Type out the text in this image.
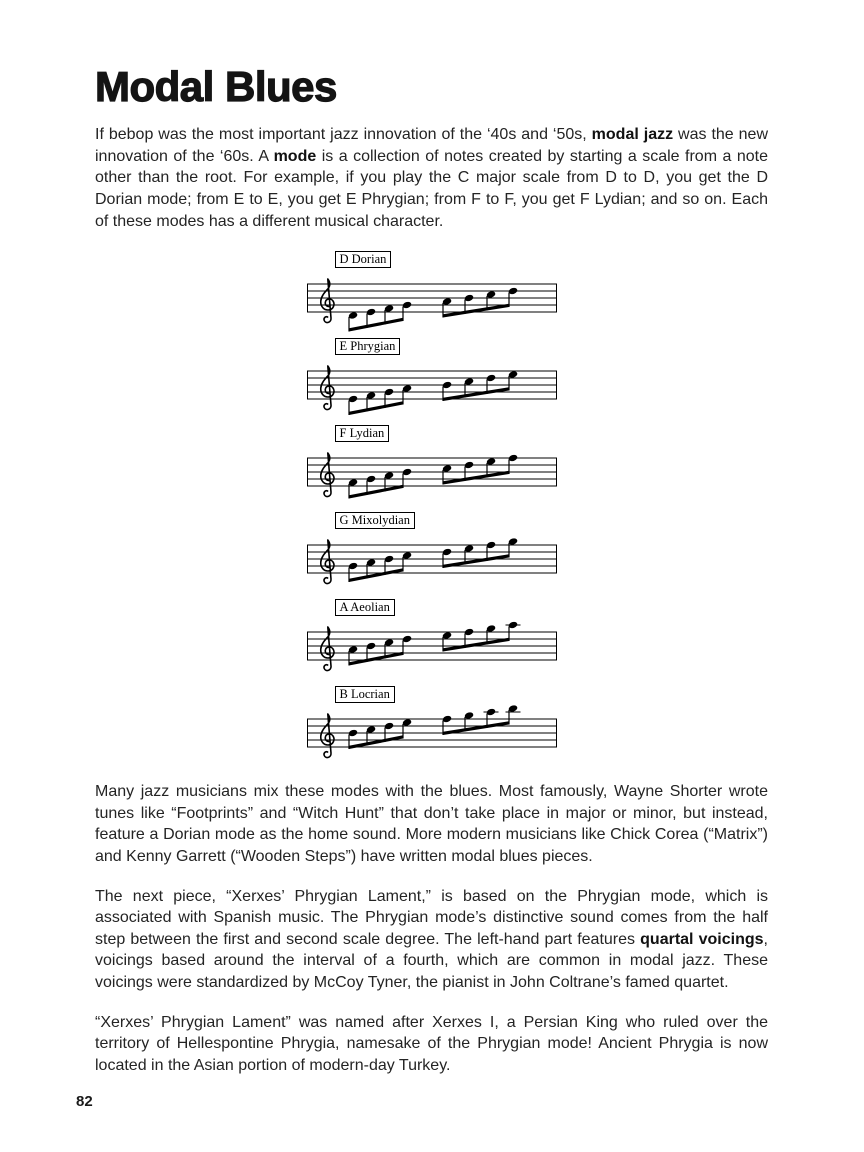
Modal Blues

If bebop was the most important jazz innovation of the ‘40s and ‘50s, modal jazz was the new innovation of the ‘60s. A mode is a collection of notes created by starting a scale from a note other than the root. For example, if you play the C major scale from D to D, you get the D Dorian mode; from E to E, you get E Phrygian; from F to F, you get F Lydian; and so on. Each of these modes has a different musical character.

D Dorian
E Phrygian
F Lydian
G Mixolydian
A Aeolian
B Locrian

Many jazz musicians mix these modes with the blues. Most famously, Wayne Shorter wrote tunes like “Footprints” and “Witch Hunt” that don’t take place in major or minor, but instead, feature a Dorian mode as the home sound. More modern musicians like Chick Corea (“Matrix”) and Kenny Garrett (“Wooden Steps”) have written modal blues pieces.

The next piece, “Xerxes’ Phrygian Lament,” is based on the Phrygian mode, which is associated with Spanish music. The Phrygian mode’s distinctive sound comes from the half step between the first and second scale degree. The left-hand part features quartal voicings, voicings based around the interval of a fourth, which are common in modal jazz. These voicings were standardized by McCoy Tyner, the pianist in John Coltrane’s famed quartet.

“Xerxes’ Phrygian Lament” was named after Xerxes I, a Persian King who ruled over the territory of Hellespontine Phrygia, namesake of the Phrygian mode! Ancient Phrygia is now located in the Asian portion of modern-day Turkey.

82
